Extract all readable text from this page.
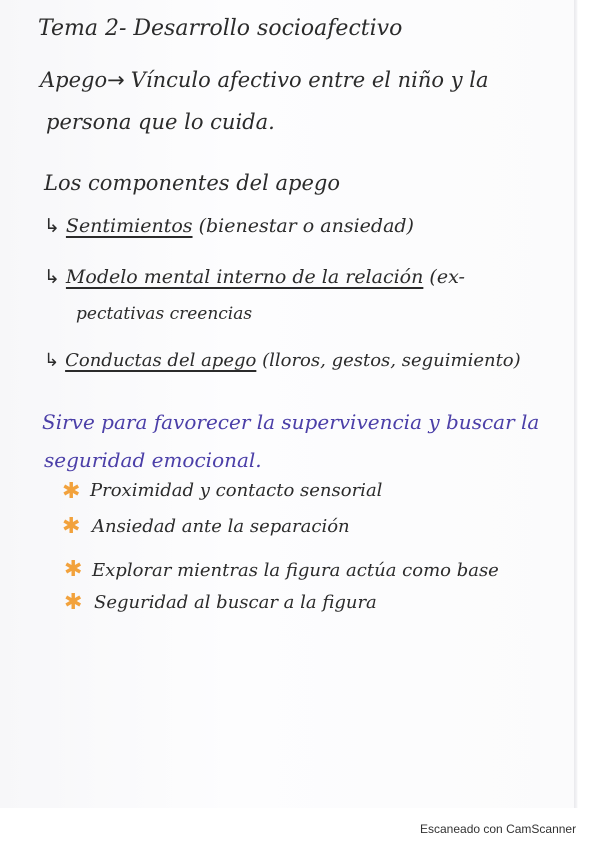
Tema 2- Desarrollo socioafectivo
Apego→ Vínculo afectivo entre el niño y la
persona que lo cuida.
Los componentes del apego
↳ Sentimientos (bienestar o ansiedad)
↳ Modelo mental interno de la relación (ex-
pectativas creencias
↳ Conductas del apego (lloros, gestos, seguimiento)
Sirve para favorecer la supervivencia y buscar la
seguridad emocional.
✱ Proximidad y contacto sensorial
✱ Ansiedad ante la separación
✱ Explorar mientras la figura actúa como base
✱ Seguridad al buscar a la figura
Escaneado con CamScanner
